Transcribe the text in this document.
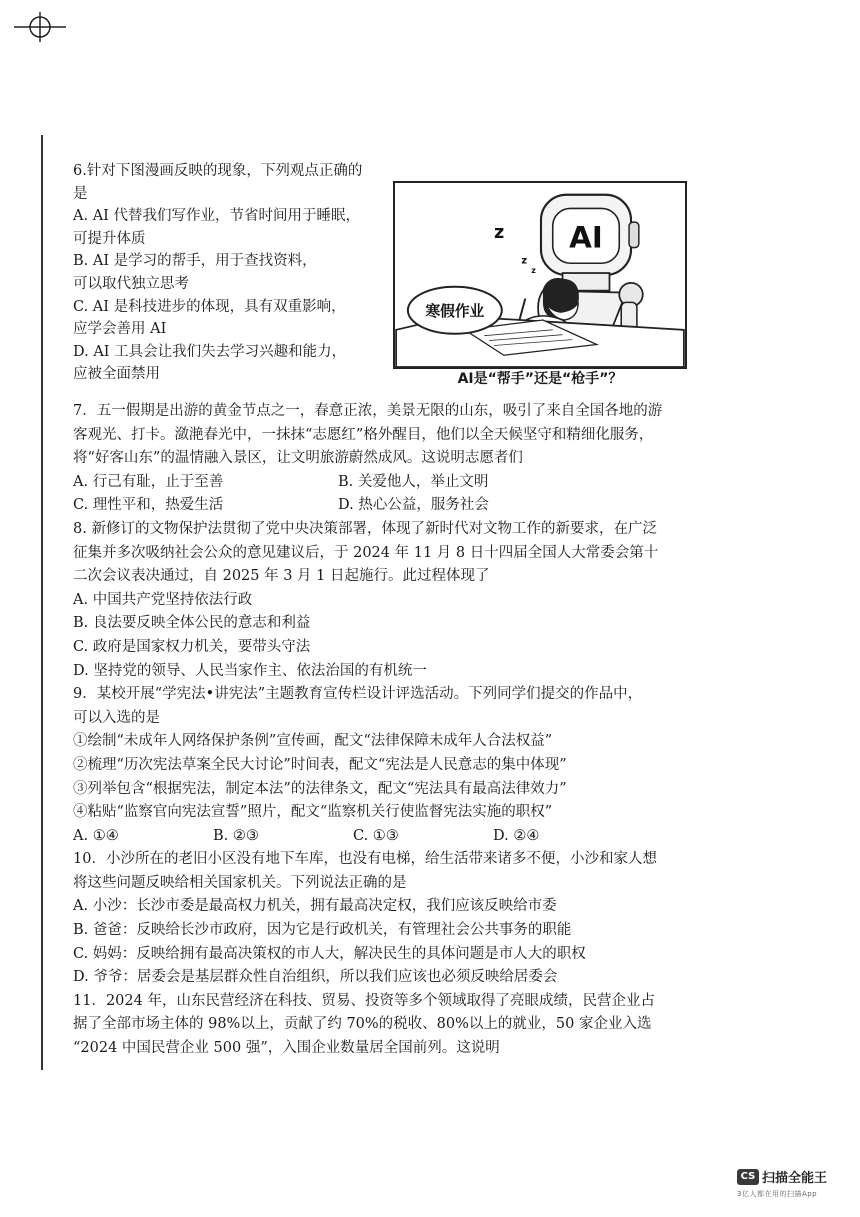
6.针对下图漫画反映的现象，下列观点正确的
是
A. AI 代替我们写作业，节省时间用于睡眠，
可提升体质
B. AI 是学习的帮手，用于查找资料，
可以取代独立思考
C. AI 是科技进步的体现，具有双重影响，
应学会善用 AI
D. AI 工具会让我们失去学习兴趣和能力，
应被全面禁用
AI
z
z
z
寒假作业
AI是“帮手”还是“枪手”？
7．五一假期是出游的黄金节点之一，春意正浓，美景无限的山东，吸引了来自全国各地的游
客观光、打卡。潋滟春光中，一抹抹“志愿红”格外醒目，他们以全天候坚守和精细化服务，
将“好客山东”的温情融入景区，让文明旅游蔚然成风。这说明志愿者们
A. 行己有耻，止于至善	B. 关爱他人，举止文明
C. 理性平和，热爱生活	D. 热心公益，服务社会
8. 新修订的文物保护法贯彻了党中央决策部署，体现了新时代对文物工作的新要求，在广泛
征集并多次吸纳社会公众的意见建议后，于 2024 年 11 月 8 日十四届全国人大常委会第十
二次会议表决通过，自 2025 年 3 月 1 日起施行。此过程体现了
A. 中国共产党坚持依法行政
B. 良法要反映全体公民的意志和利益
C. 政府是国家权力机关，要带头守法
D. 坚持党的领导、人民当家作主、依法治国的有机统一
9．某校开展“学宪法•讲宪法”主题教育宣传栏设计评选活动。下列同学们提交的作品中，
可以入选的是
①绘制“未成年人网络保护条例”宣传画，配文“法律保障未成年人合法权益”
②梳理“历次宪法草案全民大讨论”时间表，配文“宪法是人民意志的集中体现”
③列举包含“根据宪法，制定本法”的法律条文，配文“宪法具有最高法律效力”
④粘贴“监察官向宪法宣誓”照片，配文“监察机关行使监督宪法实施的职权”
A. ①④	B. ②③	C. ①③	D. ②④
10．小沙所在的老旧小区没有地下车库，也没有电梯，给生活带来诸多不便，小沙和家人想
将这些问题反映给相关国家机关。下列说法正确的是
A. 小沙：长沙市委是最高权力机关，拥有最高决定权，我们应该反映给市委
B. 爸爸：反映给长沙市政府，因为它是行政机关，有管理社会公共事务的职能
C. 妈妈：反映给拥有最高决策权的市人大，解决民生的具体问题是市人大的职权
D. 爷爷：居委会是基层群众性自治组织，所以我们应该也必须反映给居委会
11．2024 年，山东民营经济在科技、贸易、投资等多个领域取得了亮眼成绩，民营企业占
据了全部市场主体的 98%以上，贡献了约 70%的税收、80%以上的就业，50 家企业入选
“2024 中国民营企业 500 强”，入围企业数量居全国前列。这说明
CS 扫描全能王
3亿人都在用的扫描App
